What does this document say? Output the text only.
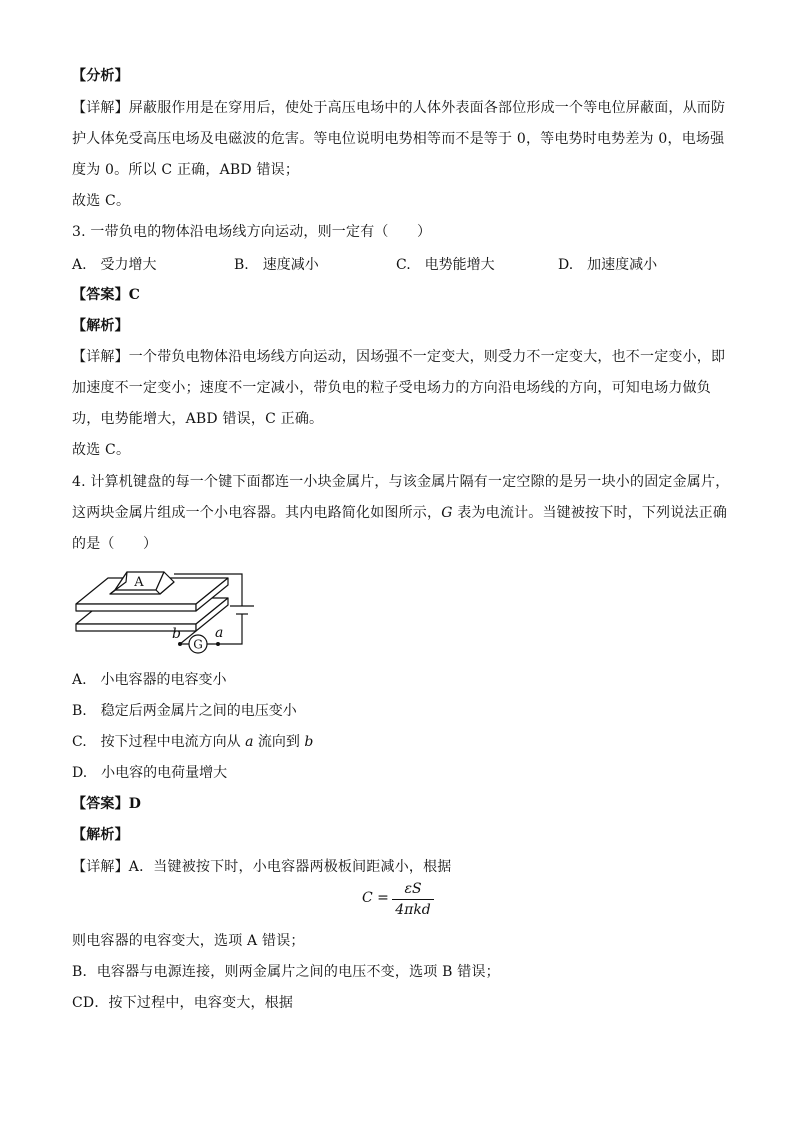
【分析】
【详解】屏蔽服作用是在穿用后，使处于高压电场中的人体外表面各部位形成一个等电位屏蔽面，从而防
护人体免受高压电场及电磁波的危害。等电位说明电势相等而不是等于 0，等电势时电势差为 0，电场强
度为 0。所以 C 正确，ABD 错误；
故选 C。
3. 一带负电的物体沿电场线方向运动，则一定有（　　）
A.　受力增大	B.　速度减小	C.　电势能增大	D.　加速度减小
【答案】C
【解析】
【详解】一个带负电物体沿电场线方向运动，因场强不一定变大，则受力不一定变大，也不一定变小，即
加速度不一定变小；速度不一定减小，带负电的粒子受电场力的方向沿电场线的方向，可知电场力做负
功，电势能增大，ABD 错误，C 正确。
故选 C。
4. 计算机键盘的每一个键下面都连一小块金属片，与该金属片隔有一定空隙的是另一块小的固定金属片，
这两块金属片组成一个小电容器。其内电路简化如图所示，G 表为电流计。当键被按下时，下列说法正确
的是（　　）
A
G
b a
A.　小电容器的电容变小
B.　稳定后两金属片之间的电压变小
C.　按下过程中电流方向从 a 流向到 b
D.　小电容的电荷量增大
【答案】D
【解析】
【详解】A．当键被按下时，小电容器两极板间距减小，根据
C =
εS
4πkd
则电容器的电容变大，选项 A 错误；
B．电容器与电源连接，则两金属片之间的电压不变，选项 B 错误；
CD．按下过程中，电容变大，根据
